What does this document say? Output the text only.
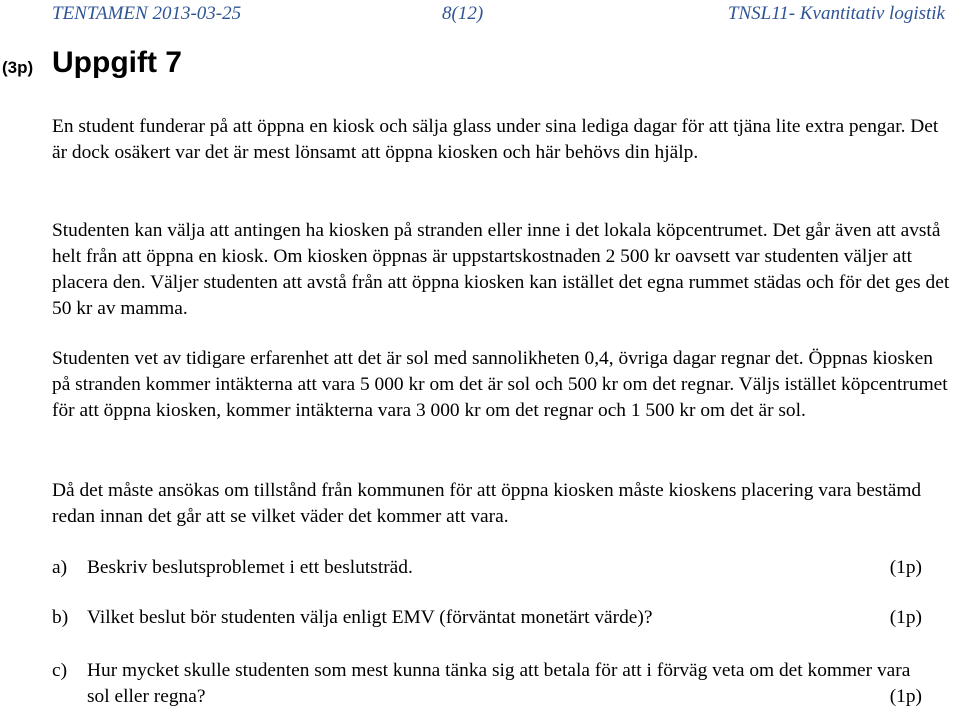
TENTAMEN 2013-03-25	8(12)	TNSL11- Kvantitativ logistik
(3p) Uppgift 7

En student funderar på att öppna en kiosk och sälja glass under sina lediga dagar för att tjäna lite extra pengar. Det är dock osäkert var det är mest lönsamt att öppna kiosken och här behövs din hjälp.

Studenten kan välja att antingen ha kiosken på stranden eller inne i det lokala köpcentrumet. Det går även att avstå helt från att öppna en kiosk. Om kiosken öppnas är uppstartskostnaden 2 500 kr oavsett var studenten väljer att placera den. Väljer studenten att avstå från att öppna kiosken kan istället det egna rummet städas och för det ges det 50 kr av mamma.

Studenten vet av tidigare erfarenhet att det är sol med sannolikheten 0,4, övriga dagar regnar det. Öppnas kiosken på stranden kommer intäkterna att vara 5 000 kr om det är sol och 500 kr om det regnar. Väljs istället köpcentrumet för att öppna kiosken, kommer intäkterna vara 3 000 kr om det regnar och 1 500 kr om det är sol.

Då det måste ansökas om tillstånd från kommunen för att öppna kiosken måste kioskens placering vara bestämd redan innan det går att se vilket väder det kommer att vara.

a) Beskriv beslutsproblemet i ett beslutsträd.	(1p)
b) Vilket beslut bör studenten välja enligt EMV (förväntat monetärt värde)?	(1p)
c) Hur mycket skulle studenten som mest kunna tänka sig att betala för att i förväg veta om det kommer vara sol eller regna?	(1p)
